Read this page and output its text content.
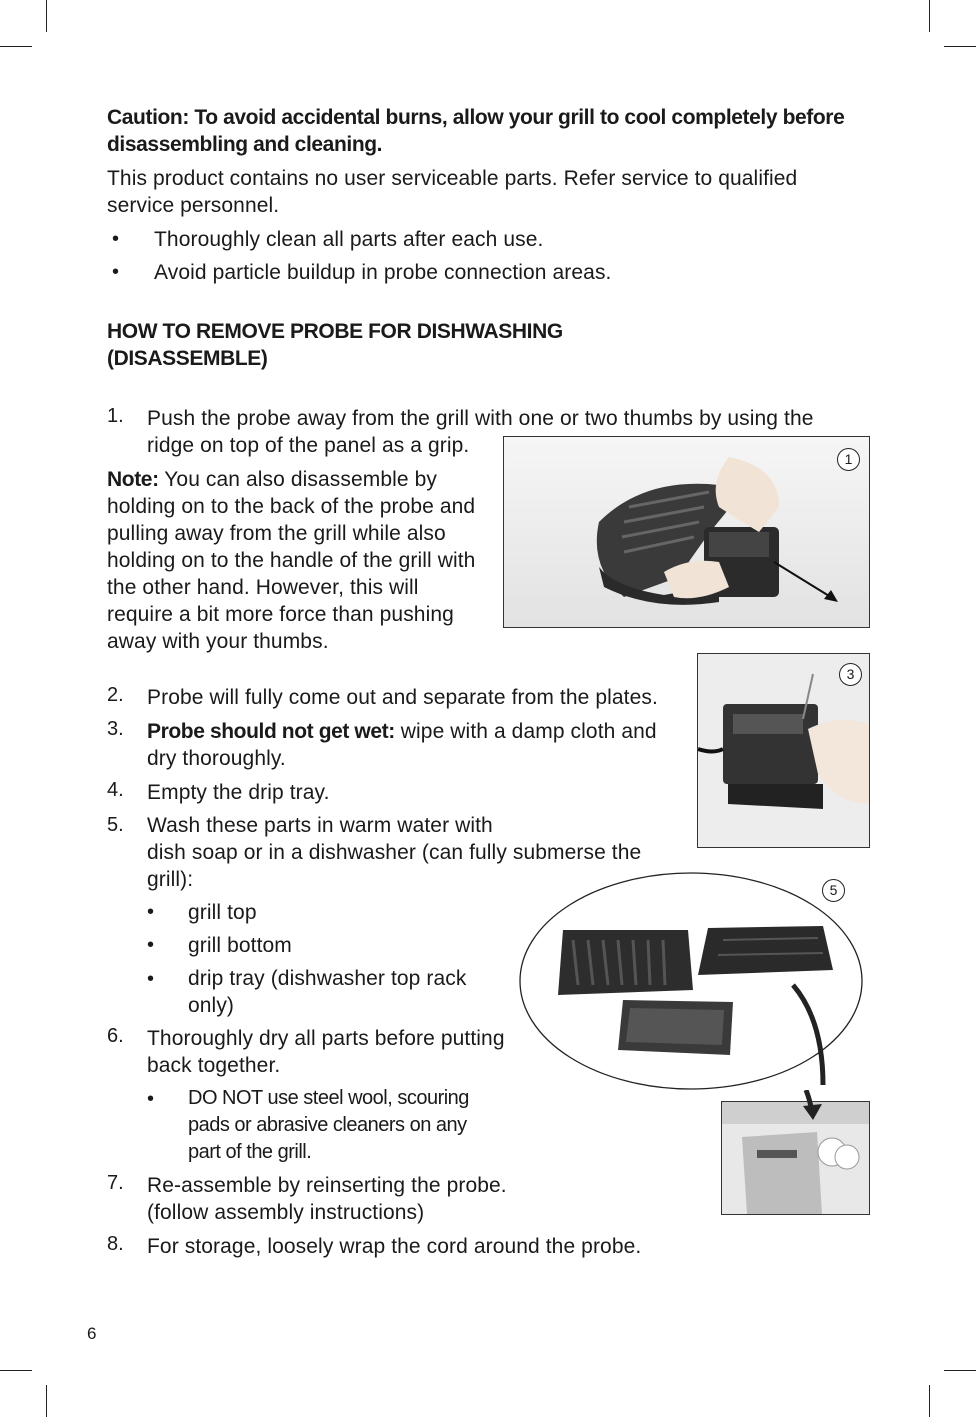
Caution: To avoid accidental burns, allow your grill to cool completely before disassembling and cleaning.
This product contains no user serviceable parts. Refer service to qualified service personnel.
• Thoroughly clean all parts after each use.
• Avoid particle buildup in probe connection areas.
HOW TO REMOVE PROBE FOR DISHWASHING
(DISASSEMBLE)
1. Push the probe away from the grill with one or two thumbs by using the ridge on top of the panel as a grip.
Note: You can also disassemble by holding on to the back of the probe and pulling away from the grill while also holding on to the handle of the grill with the other hand. However, this will require a bit more force than pushing away with your thumbs.
1
3
5
2. Probe will fully come out and separate from the plates.
3. Probe should not get wet: wipe with a damp cloth and dry thoroughly.
4. Empty the drip tray.
5. Wash these parts in warm water with
dish soap or in a dishwasher (can fully submerse the grill):
• grill top
• grill bottom
• drip tray (dishwasher top rack only)
6. Thoroughly dry all parts before putting back together.
• DO NOT use steel wool, scouring pads or abrasive cleaners on any part of the grill.
7. Re-assemble by reinserting the probe.
(follow assembly instructions)
8. For storage, loosely wrap the cord around the probe.
6
